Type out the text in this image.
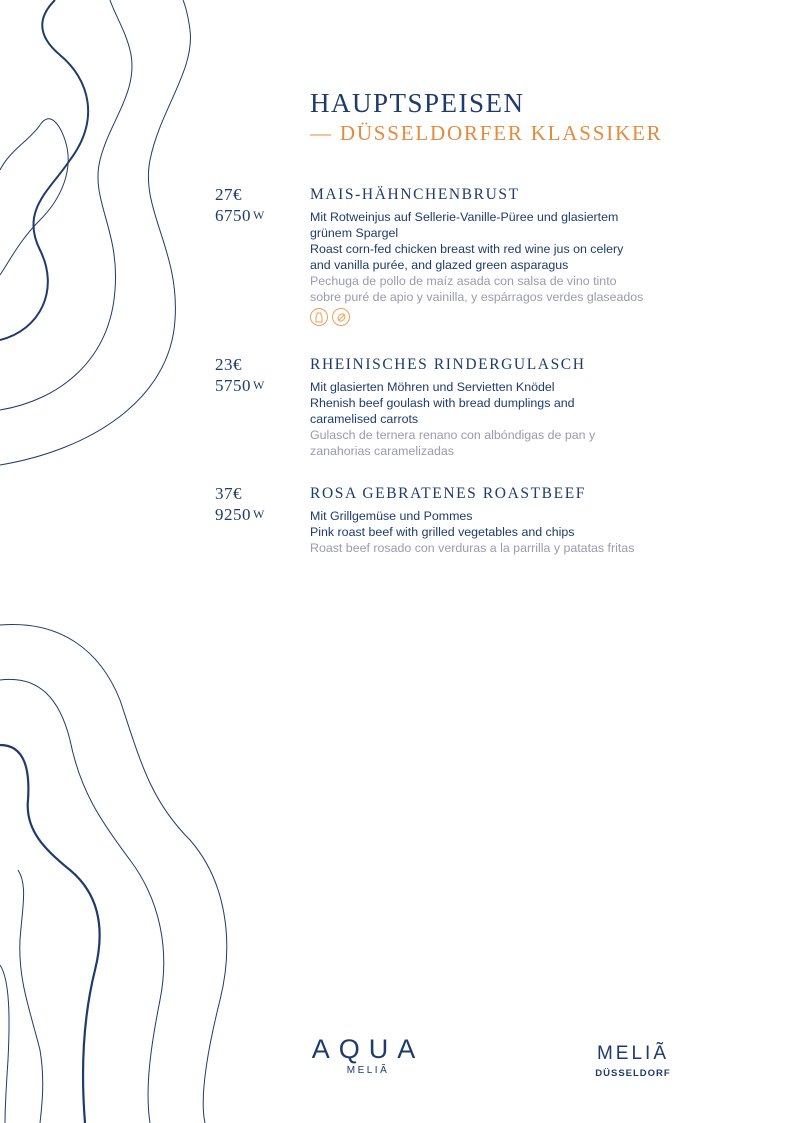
HAUPTSPEISEN
— DÜSSELDORFER KLASSIKER
27€
6750 W
MAIS-HÄHNCHENBRUST
Mit Rotweinjus auf Sellerie-Vanille-Püree und glasiertem
grünem Spargel
Roast corn-fed chicken breast with red wine jus on celery
and vanilla purée, and glazed green asparagus
Pechuga de pollo de maíz asada con salsa de vino tinto
sobre puré de apio y vainilla, y espárragos verdes glaseados
23€
5750 W
RHEINISCHES RINDERGULASCH
Mit glasierten Möhren und Servietten Knödel
Rhenish beef goulash with bread dumplings and
caramelised carrots
Gulasch de ternera renano con albóndigas de pan y
zanahorias caramelizadas
37€
9250 W
ROSA GEBRATENES ROASTBEEF
Mit Grillgemüse und Pommes
Pink roast beef with grilled vegetables and chips
Roast beef rosado con verduras a la parrilla y patatas fritas
AQUA
MELIÃ
MELIÃ
DÜSSELDORF
